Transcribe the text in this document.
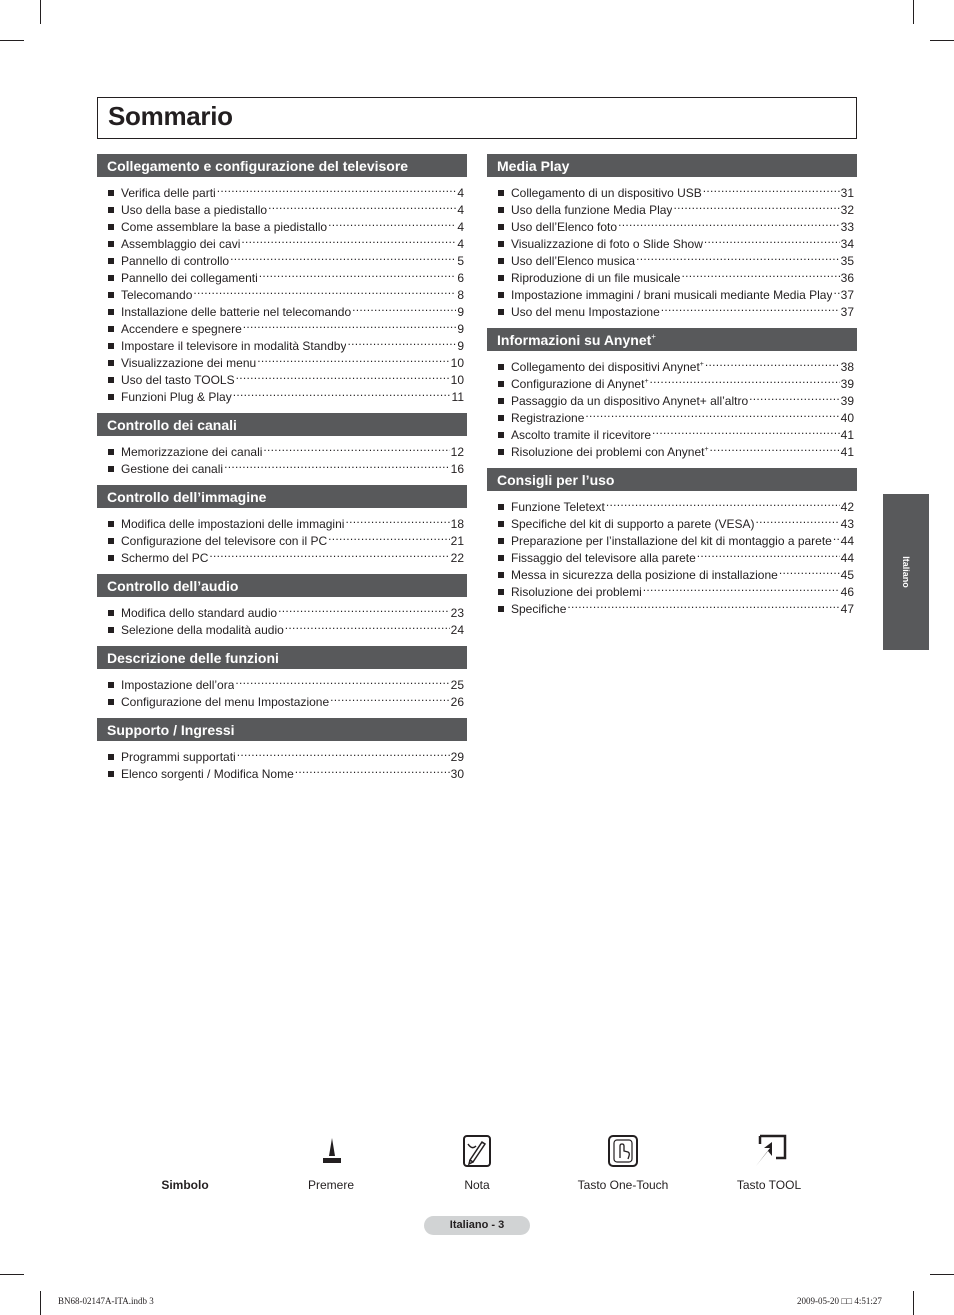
Sommario
Collegamento e configurazione del televisore
Verifica delle parti .....	4
Uso della base a piedistallo .....	4
Come assemblare la base a piedistallo .....	4
Assemblaggio dei cavi .....	4
Pannello di controllo .....	5
Pannello dei collegamenti .....	6
Telecomando .....	8
Installazione delle batterie nel telecomando .....	9
Accendere e spegnere .....	9
Impostare il televisore in modalità Standby .....	9
Visualizzazione dei menu .....	10
Uso del tasto TOOLS .....	10
Funzioni Plug & Play .....	11
Controllo dei canali
Memorizzazione dei canali .....	12
Gestione dei canali .....	16
Controllo dell’immagine
Modifica delle impostazioni delle immagini .....	18
Configurazione del televisore con il PC .....	21
Schermo del PC .....	22
Controllo dell’audio
Modifica dello standard audio .....	23
Selezione della modalità audio .....	24
Descrizione delle funzioni
Impostazione dell’ora .....	25
Configurazione del menu Impostazione .....	26
Supporto / Ingressi
Programmi supportati .....	29
Elenco sorgenti / Modifica Nome .....	30
Media Play
Collegamento di un dispositivo USB .....	31
Uso della funzione Media Play .....	32
Uso dell’Elenco foto .....	33
Visualizzazione di foto o Slide Show .....	34
Uso dell’Elenco musica .....	35
Riproduzione di un file musicale .....	36
Impostazione immagini / brani musicali mediante Media Play ..... 37
Uso del menu Impostazione .....	37
Informazioni su Anynet+
Collegamento dei dispositivi Anynet+ .....	38
Configurazione di Anynet+ .....	39
Passaggio da un dispositivo Anynet+ all’altro .....	39
Registrazione .....	40
Ascolto tramite il ricevitore .....	41
Risoluzione dei problemi con Anynet+ .....	41
Consigli per l’uso
Funzione Teletext .....	42
Specifiche del kit di supporto a parete (VESA) .....	43
Preparazione per l’installazione del kit di montaggio a parete ..... 44
Fissaggio del televisore alla parete .....	44
Messa in sicurezza della posizione di installazione .....	45
Risoluzione dei problemi .....	46
Specifiche .....	47
Italiano
Simbolo	Premere	Nota	Tasto One-Touch	Tasto TOOL
Italiano - 3
BN68-02147A-ITA.indb 3	2009-05-20 □□ 4:51:27
